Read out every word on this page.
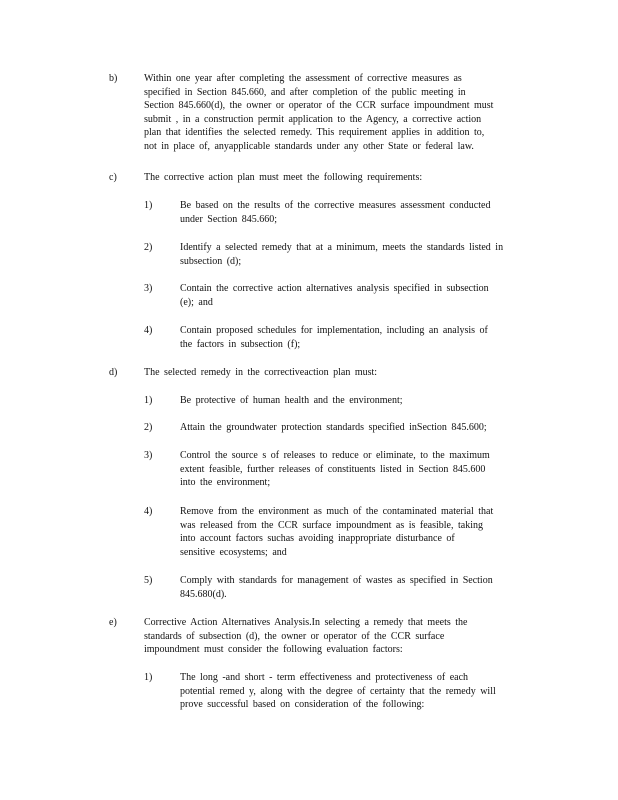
b)	Within one year after completing the assessment of corrective measures as
specified in Section 845.660, and after completion of the public meeting in
Section 845.660(d), the owner or operator of the CCR surface impoundment must
submit , in a construction permit application to the Agency, a corrective action
plan that identifies the selected remedy. This requirement applies in addition to,
not in place of, anyapplicable standards under any other State or federal law.
c)	The corrective action plan must meet the following requirements:
1)	Be based on the results of the corrective measures assessment conducted
under Section 845.660;
2)	Identify a selected remedy that at a minimum, meets the standards listed in
subsection (d);
3)	Contain the corrective action alternatives analysis specified in subsection
(e); and
4)	Contain proposed schedules for implementation, including an analysis of
the factors in subsection (f);
d)	The selected remedy in the correctiveaction plan must:
1)	Be protective of human health and the environment;
2)	Attain the groundwater protection standards specified inSection 845.600;
3)	Control the source s of releases to reduce or eliminate, to the maximum
extent feasible, further releases of constituents listed in Section 845.600
into the environment;
4)	Remove from the environment as much of the contaminated material that
was released from the CCR surface impoundment as is feasible, taking
into account factors suchas avoiding inappropriate disturbance of
sensitive ecosystems; and
5)	Comply with standards for management of wastes as specified in Section
845.680(d).
e)	Corrective Action Alternatives Analysis.In selecting a remedy that meets the
standards of subsection (d), the owner or operator of the CCR surface
impoundment must consider the following evaluation factors:
1)	The long -and short - term effectiveness and protectiveness of each
potential remed y, along with the degree of certainty that the remedy will
prove successful based on consideration of the following:
